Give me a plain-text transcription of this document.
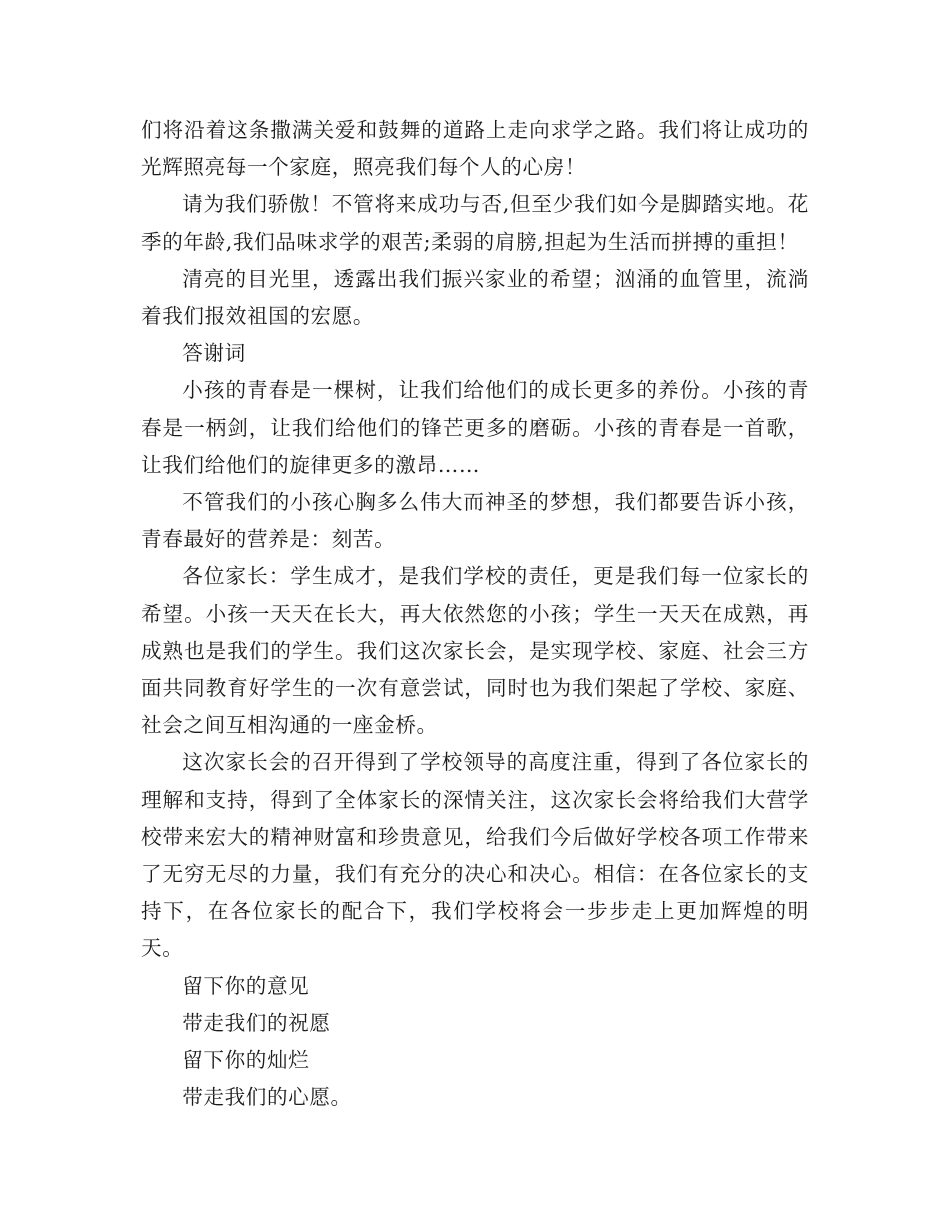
们将沿着这条撒满关爱和鼓舞的道路上走向求学之路。我们将让成功的光辉照亮每一个家庭，照亮我们每个人的心房！

请为我们骄傲！不管将来成功与否,但至少我们如今是脚踏实地。花季的年龄,我们品味求学的艰苦;柔弱的肩膀,担起为生活而拼搏的重担！

清亮的目光里，透露出我们振兴家业的希望；汹涌的血管里，流淌着我们报效祖国的宏愿。

答谢词

小孩的青春是一棵树，让我们给他们的成长更多的养份。小孩的青春是一柄剑，让我们给他们的锋芒更多的磨砺。小孩的青春是一首歌，让我们给他们的旋律更多的激昂……

不管我们的小孩心胸多么伟大而神圣的梦想，我们都要告诉小孩，青春最好的营养是：刻苦。

各位家长：学生成才，是我们学校的责任，更是我们每一位家长的希望。小孩一天天在长大，再大依然您的小孩；学生一天天在成熟，再成熟也是我们的学生。我们这次家长会，是实现学校、家庭、社会三方面共同教育好学生的一次有意尝试，同时也为我们架起了学校、家庭、社会之间互相沟通的一座金桥。

这次家长会的召开得到了学校领导的高度注重，得到了各位家长的理解和支持，得到了全体家长的深情关注，这次家长会将给我们大营学校带来宏大的精神财富和珍贵意见，给我们今后做好学校各项工作带来了无穷无尽的力量，我们有充分的决心和决心。相信：在各位家长的支持下，在各位家长的配合下，我们学校将会一步步走上更加辉煌的明天。

留下你的意见

带走我们的祝愿

留下你的灿烂

带走我们的心愿。
